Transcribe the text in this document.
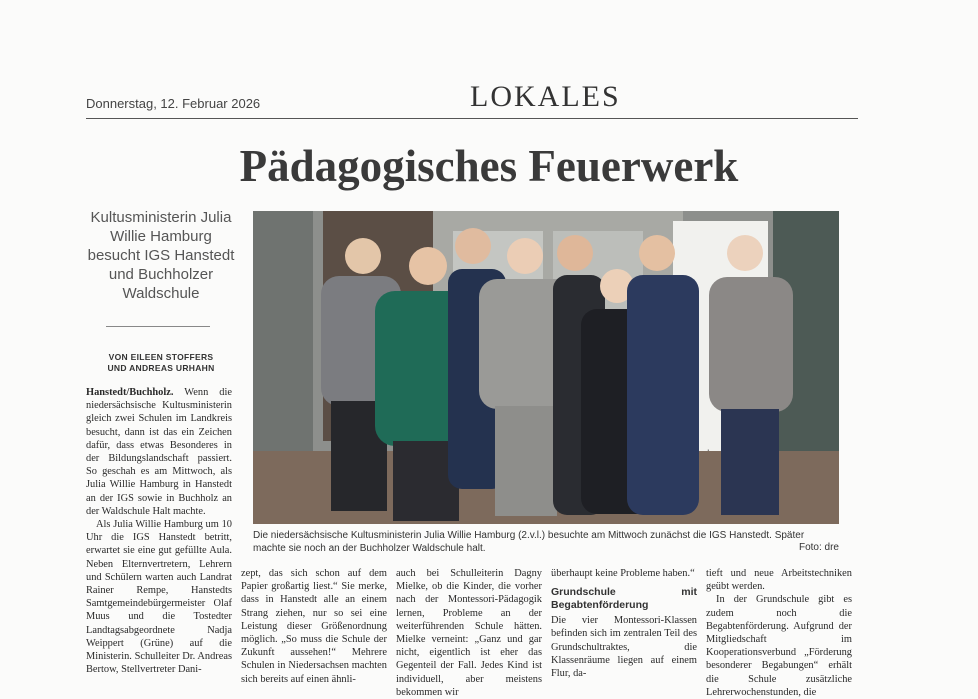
Donnerstag, 12. Februar 2026	LOKALES
Pädagogisches Feuerwerk
Kultusministerin Julia Willie Hamburg besucht IGS Hanstedt und Buchholzer Waldschule
VON EILEEN STOFFERS
UND ANDREAS URHAHN
Die niedersächsische Kultusministerin Julia Willie Hamburg (2.v.l.) besuchte am Mittwoch zunächst die IGS Hanstedt. Später machte sie noch an der Buchholzer Waldschule halt.	Foto: dre

Hanstedt/Buchholz. Wenn die niedersächsische Kultusministerin gleich zwei Schulen im Landkreis besucht, dann ist das ein Zeichen dafür, dass etwas Besonderes in der Bildungslandschaft passiert. So geschah es am Mittwoch, als Julia Willie Hamburg in Hanstedt an der IGS sowie in Buchholz an der Waldschule Halt machte.

Als Julia Willie Hamburg um 10 Uhr die IGS Hanstedt betritt, erwartet sie eine gut gefüllte Aula. Neben Elternvertretern, Lehrern und Schülern warten auch Landrat Rainer Rempe, Hanstedts Samtgemeindebürgermeister Olaf Muus und die Tostedter Landtagsabgeordnete Nadja Weippert (Grüne) auf die Ministerin. Schulleiter Dr. Andreas Bertow, Stellvertreter Dani-

zept, das sich schon auf dem Papier großartig liest.“ Sie merke, dass in Hanstedt alle an einem Strang ziehen, nur so sei eine Leistung dieser Größenordnung möglich. „So muss die Schule der Zukunft aussehen!“ Mehrere Schulen in Niedersachsen machten sich bereits auf einen ähnli-

auch bei Schulleiterin Dagny Mielke, ob die Kinder, die vorher nach der Montessori-Pädagogik lernen, Probleme an der weiterführenden Schule hätten. Mielke verneint: „Ganz und gar nicht, eigentlich ist eher das Gegenteil der Fall. Jedes Kind ist individuell, aber meistens bekommen wir

überhaupt keine Probleme haben.“

Grundschule mit Begabtenförderung

Die vier Montessori-Klassen befinden sich im zentralen Teil des Grundschultraktes, die Klassenräume liegen auf einem Flur, da-

tieft und neue Arbeitstechniken geübt werden.

In der Grundschule gibt es zudem noch die Begabtenförderung. Aufgrund der Mitgliedschaft im Kooperationsverbund „Förderung besonderer Begabungen“ erhält die Schule zusätzliche Lehrerwochenstunden, die
